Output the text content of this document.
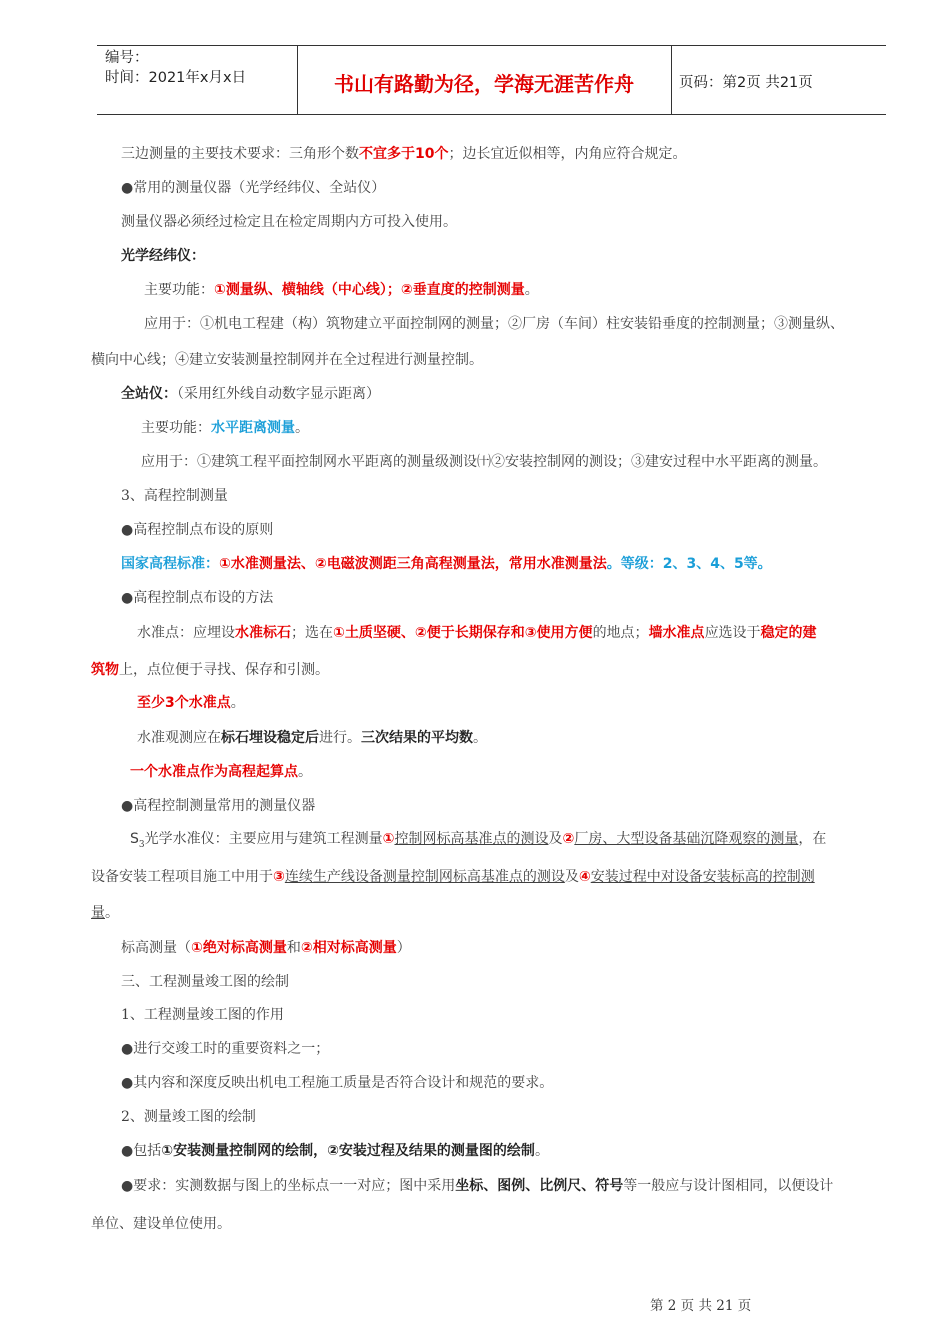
编号：
时间：2021年x月x日	书山有路勤为径，学海无涯苦作舟	页码：第2页 共21页
三边测量的主要技术要求：三角形个数不宜多于10个；边长宜近似相等，内角应符合规定。
●常用的测量仪器（光学经纬仪、全站仪）
测量仪器必须经过检定且在检定周期内方可投入使用。
光学经纬仪：
主要功能：①测量纵、横轴线（中心线）；②垂直度的控制测量。
应用于：①机电工程建（构）筑物建立平面控制网的测量；②厂房（车间）柱安装铅垂度的控制测量；③测量纵、
横向中心线；④建立安装测量控制网并在全过程进行测量控制。
全站仪：（采用红外线自动数字显示距离）
主要功能：水平距离测量。
应用于：①建筑工程平面控制网水平距离的测量级测设㈩②安装控制网的测设；③建安过程中水平距离的测量。
3、高程控制测量
●高程控制点布设的原则
国家高程标准：①水准测量法、②电磁波测距三角高程测量法，常用水准测量法。等级：2、3、4、5等。
●高程控制点布设的方法
水准点：应埋设水准标石；选在①土质坚硬、②便于长期保存和③使用方便的地点；墙水准点应选设于稳定的建
筑物上，点位便于寻找、保存和引测。
至少3个水准点。
水准观测应在标石埋设稳定后进行。三次结果的平均数。
一个水准点作为高程起算点。
●高程控制测量常用的测量仪器
$S_3$光学水准仪：主要应用与建筑工程测量①控制网标高基准点的测设及②厂房、大型设备基础沉降观察的测量，在
设备安装工程项目施工中用于③连续生产线设备测量控制网标高基准点的测设及④安装过程中对设备安装标高的控制测
量。
标高测量（①绝对标高测量和②相对标高测量）
三、工程测量竣工图的绘制
1、工程测量竣工图的作用
●进行交竣工时的重要资料之一；
●其内容和深度反映出机电工程施工质量是否符合设计和规范的要求。
2、测量竣工图的绘制
●包括①安装测量控制网的绘制，②安装过程及结果的测量图的绘制。
●要求：实测数据与图上的坐标点一一对应；图中采用坐标、图例、比例尺、符号等一般应与设计图相同，以便设计
单位、建设单位使用。
第 2 页 共 21 页
